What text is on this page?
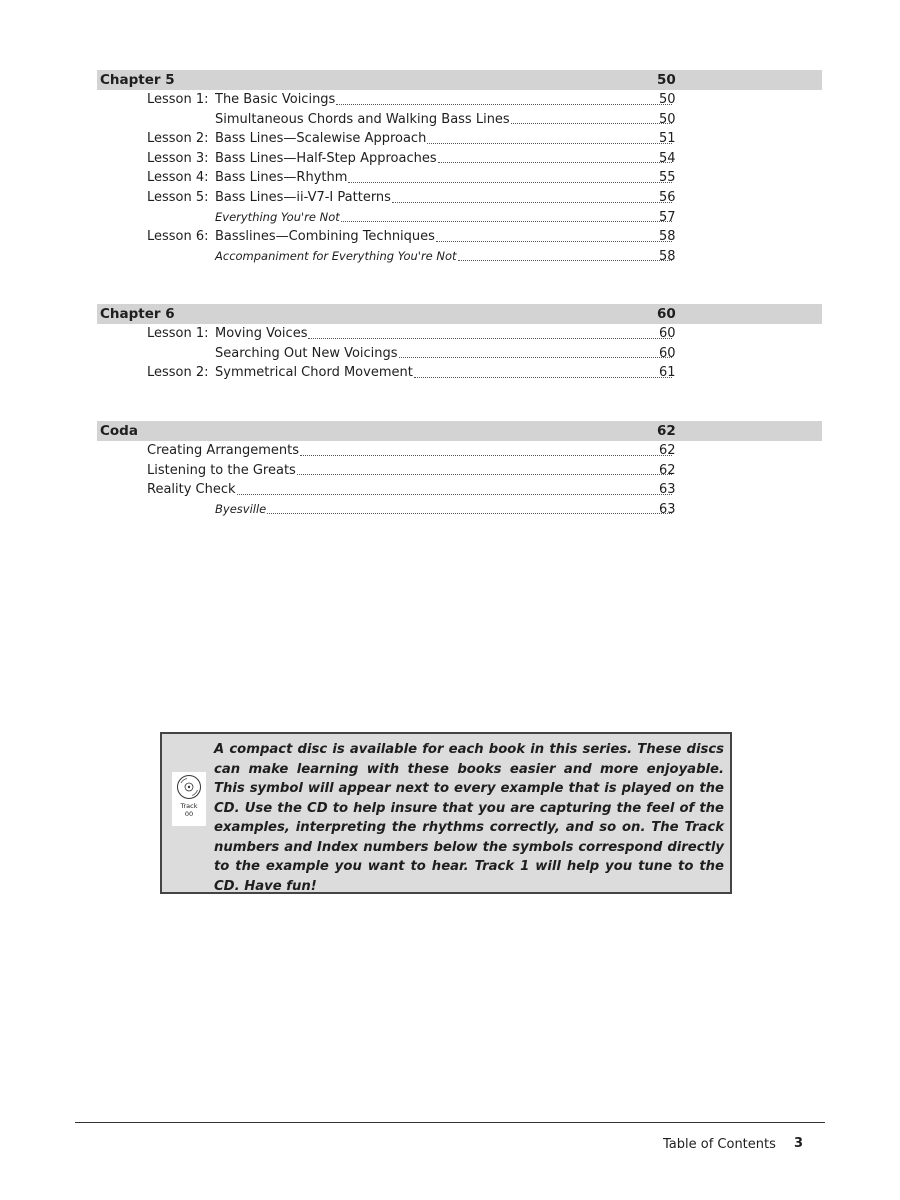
Chapter 5	50
Lesson 1: The Basic Voicings	50
Simultaneous Chords and Walking Bass Lines	50
Lesson 2: Bass Lines—Scalewise Approach	51
Lesson 3: Bass Lines—Half-Step Approaches	54
Lesson 4: Bass Lines—Rhythm	55
Lesson 5: Bass Lines—ii-V7-I Patterns	56
Everything You're Not	57
Lesson 6: Basslines—Combining Techniques	58
Accompaniment for Everything You're Not	58
Chapter 6	60
Lesson 1: Moving Voices	60
Searching Out New Voicings	60
Lesson 2: Symmetrical Chord Movement	61
Coda	62
Creating Arrangements	62
Listening to the Greats	62
Reality Check	63
Byesville	63
Track
00
A compact disc is available for each book in this series. These discs can make learning with these books easier and more enjoyable. This symbol will appear next to every example that is played on the CD. Use the CD to help insure that you are capturing the feel of the examples, interpreting the rhythms correctly, and so on. The Track numbers and Index numbers below the symbols correspond directly to the example you want to hear. Track 1 will help you tune to the CD. Have fun!
Table of Contents 3
